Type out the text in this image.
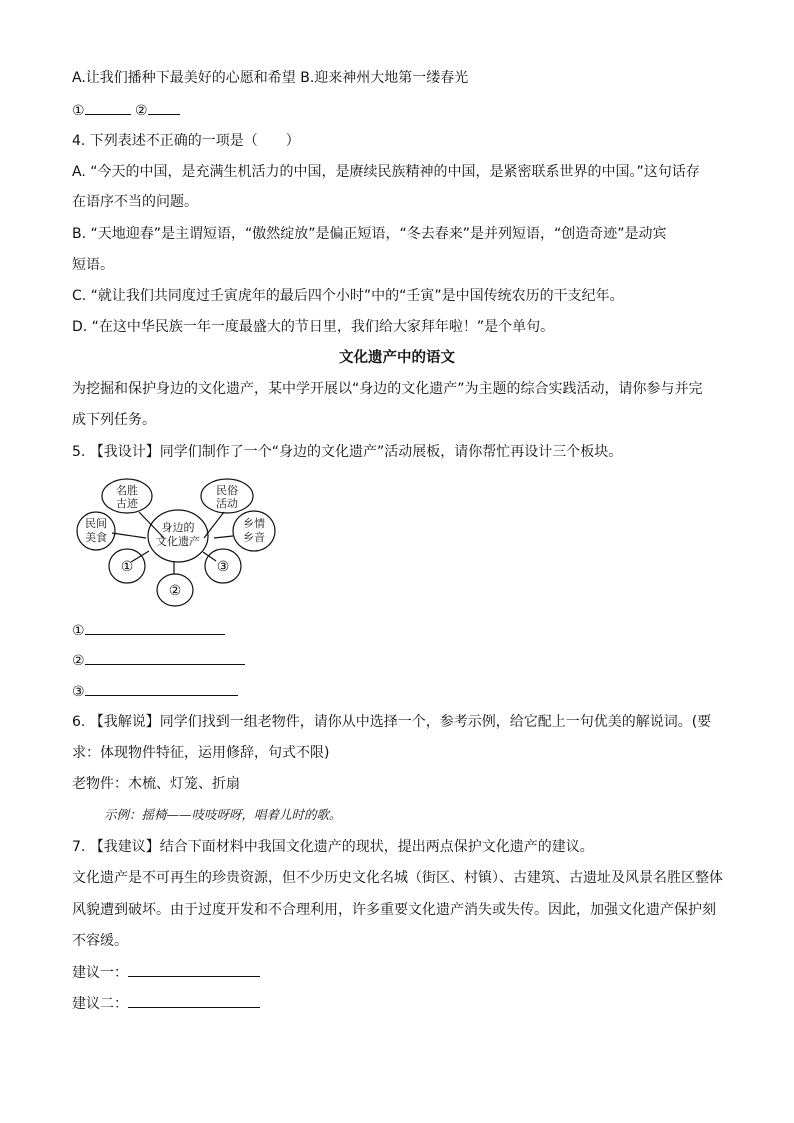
A.让我们播种下最美好的心愿和希望 B.迎来神州大地第一缕春光
①	②
4. 下列表述不正确的一项是（　　）
A. “今天的中国，是充满生机活力的中国，是赓续民族精神的中国，是紧密联系世界的中国。”这句话存
在语序不当的问题。
B. “天地迎春”是主谓短语，“傲然绽放”是偏正短语，“冬去春来”是并列短语，“创造奇迹”是动宾
短语。
C. “就让我们共同度过壬寅虎年的最后四个小时”中的“壬寅”是中国传统农历的干支纪年。
D. “在这中华民族一年一度最盛大的节日里，我们给大家拜年啦！”是个单句。
文化遗产中的语文
为挖掘和保护身边的文化遗产，某中学开展以“身边的文化遗产”为主题的综合实践活动，请你参与并完
成下列任务。
5. 【我设计】同学们制作了一个“身边的文化遗产”活动展板，请你帮忙再设计三个板块。
身边的
文化遗产
名胜
古迹
民俗
活动
民间
美食
乡情
乡音
①
②
③
①
②
③
6. 【我解说】同学们找到一组老物件，请你从中选择一个，参考示例，给它配上一句优美的解说词。(要
求：体现物件特征，运用修辞，句式不限)
老物件：木梳、灯笼、折扇
示例：摇椅——吱吱呀呀，唱着儿时的歌。
7. 【我建议】结合下面材料中我国文化遗产的现状，提出两点保护文化遗产的建议。
文化遗产是不可再生的珍贵资源，但不少历史文化名城（街区、村镇）、古建筑、古遗址及风景名胜区整体
风貌遭到破坏。由于过度开发和不合理利用，许多重要文化遗产消失或失传。因此，加强文化遗产保护刻
不容缓。
建议一：
建议二：
